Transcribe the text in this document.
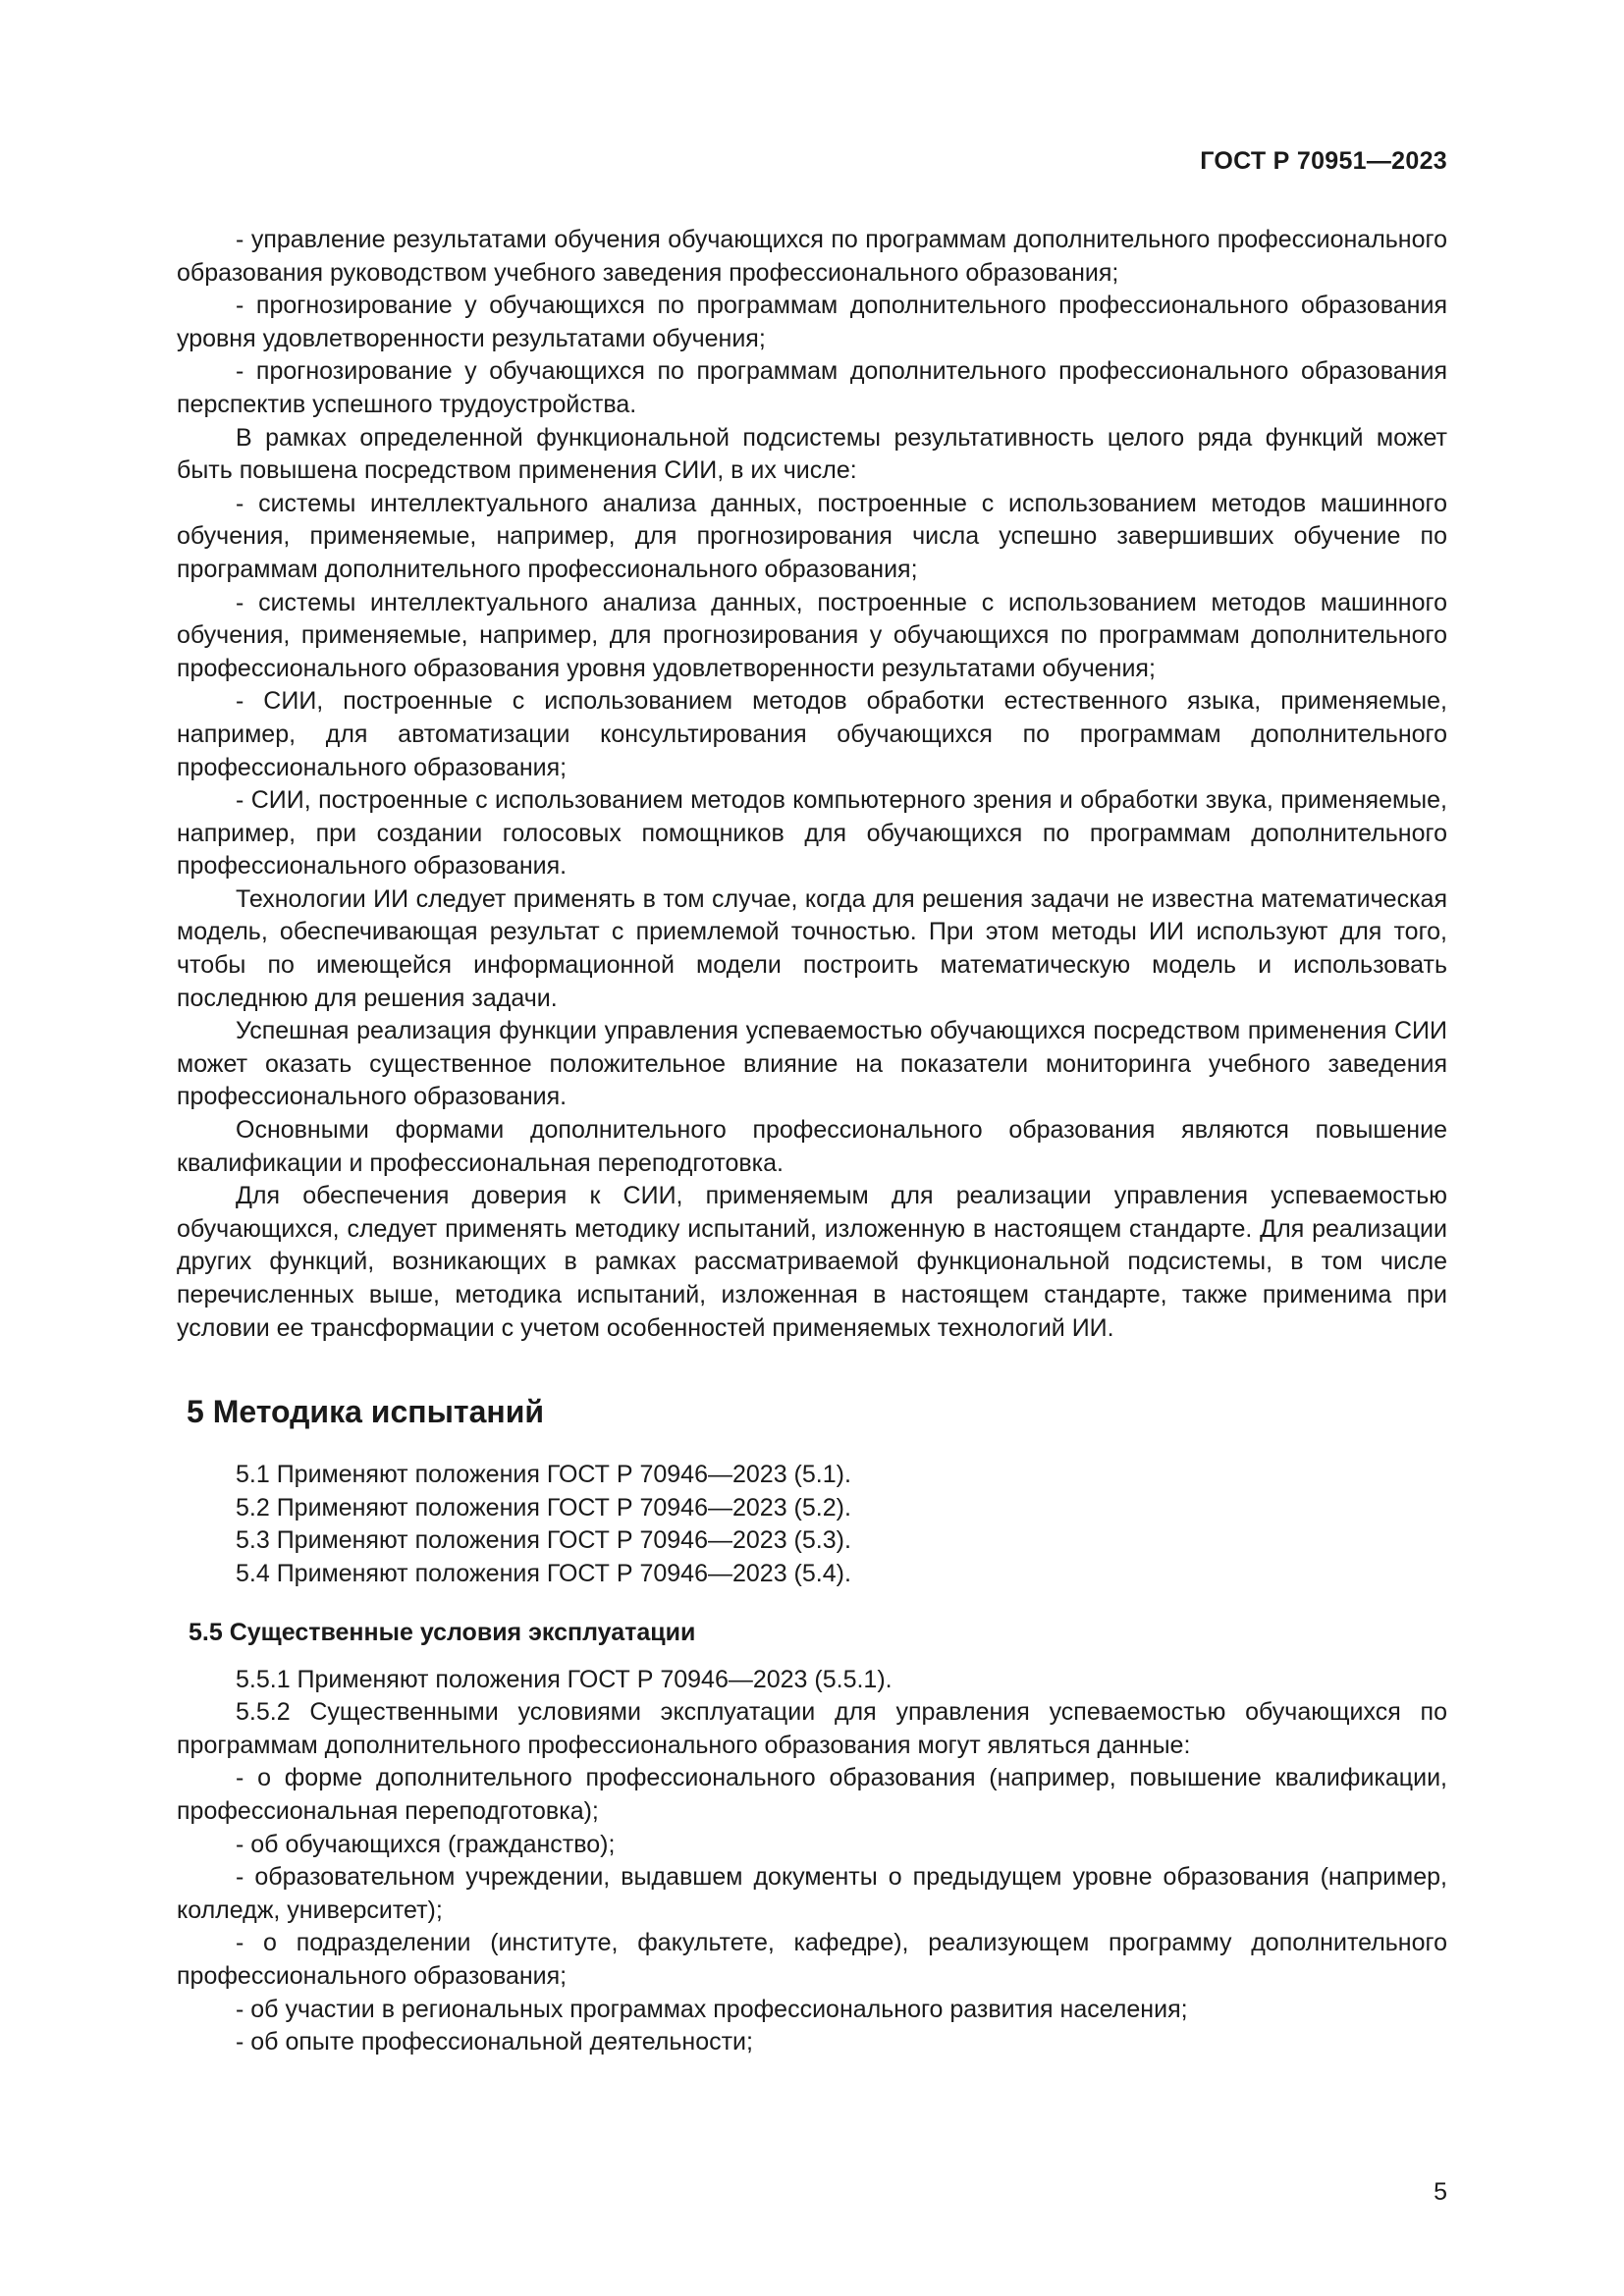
ГОСТ Р 70951—2023

- управление результатами обучения обучающихся по программам дополнительного профессионального образования руководством учебного заведения профессионального образования;

- прогнозирование у обучающихся по программам дополнительного профессионального образования уровня удовлетворенности результатами обучения;

- прогнозирование у обучающихся по программам дополнительного профессионального образования перспектив успешного трудоустройства.

В рамках определенной функциональной подсистемы результативность целого ряда функций может быть повышена посредством применения СИИ, в их числе:

- системы интеллектуального анализа данных, построенные с использованием методов машинного обучения, применяемые, например, для прогнозирования числа успешно завершивших обучение по программам дополнительного профессионального образования;

- системы интеллектуального анализа данных, построенные с использованием методов машинного обучения, применяемые, например, для прогнозирования у обучающихся по программам дополнительного профессионального образования уровня удовлетворенности результатами обучения;

- СИИ, построенные с использованием методов обработки естественного языка, применяемые, например, для автоматизации консультирования обучающихся по программам дополнительного профессионального образования;

- СИИ, построенные с использованием методов компьютерного зрения и обработки звука, применяемые, например, при создании голосовых помощников для обучающихся по программам дополнительного профессионального образования.

Технологии ИИ следует применять в том случае, когда для решения задачи не известна математическая модель, обеспечивающая результат с приемлемой точностью. При этом методы ИИ используют для того, чтобы по имеющейся информационной модели построить математическую модель и использовать последнюю для решения задачи.

Успешная реализация функции управления успеваемостью обучающихся посредством применения СИИ может оказать существенное положительное влияние на показатели мониторинга учебного заведения профессионального образования.

Основными формами дополнительного профессионального образования являются повышение квалификации и профессиональная переподготовка.

Для обеспечения доверия к СИИ, применяемым для реализации управления успеваемостью обучающихся, следует применять методику испытаний, изложенную в настоящем стандарте. Для реализации других функций, возникающих в рамках рассматриваемой функциональной подсистемы, в том числе перечисленных выше, методика испытаний, изложенная в настоящем стандарте, также применима при условии ее трансформации с учетом особенностей применяемых технологий ИИ.

5 Методика испытаний

5.1 Применяют положения ГОСТ Р 70946—2023 (5.1).

5.2 Применяют положения ГОСТ Р 70946—2023 (5.2).

5.3 Применяют положения ГОСТ Р 70946—2023 (5.3).

5.4 Применяют положения ГОСТ Р 70946—2023 (5.4).

5.5 Существенные условия эксплуатации

5.5.1 Применяют положения ГОСТ Р 70946—2023 (5.5.1).

5.5.2 Существенными условиями эксплуатации для управления успеваемостью обучающихся по программам дополнительного профессионального образования могут являться данные:

- о форме дополнительного профессионального образования (например, повышение квалификации, профессиональная переподготовка);

- об обучающихся (гражданство);

- образовательном учреждении, выдавшем документы о предыдущем уровне образования (например, колледж, университет);

- о подразделении (институте, факультете, кафедре), реализующем программу дополнительного профессионального образования;

- об участии в региональных программах профессионального развития населения;

- об опыте профессиональной деятельности;

5
